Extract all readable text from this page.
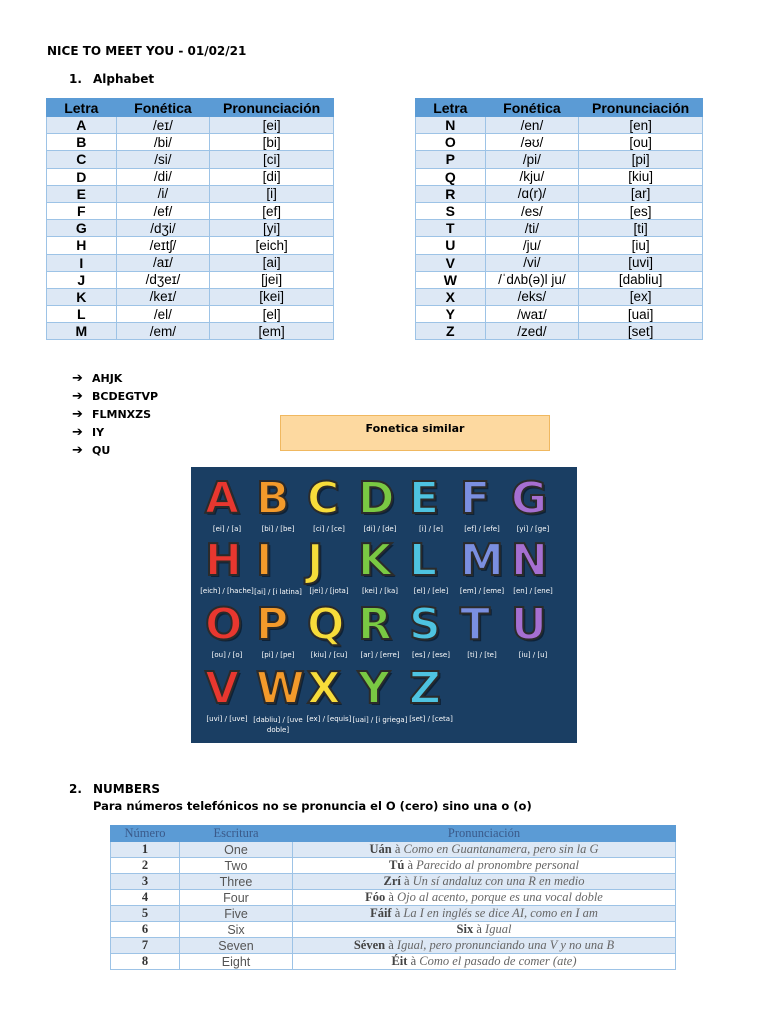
NICE TO MEET YOU - 01/02/21
1. Alphabet
Letra	Fonética	Pronunciación
A	/eɪ/	[ei]
B	/bi/	[bi]
C	/si/	[ci]
D	/di/	[di]
E	/i/	[i]
F	/ef/	[ef]
G	/dʒi/	[yi]
H	/eɪtʃ/	[eich]
I	/aɪ/	[ai]
J	/dʒeɪ/	[jei]
K	/keɪ/	[kei]
L	/el/	[el]
M	/em/	[em]
Letra	Fonética	Pronunciación
N	/en/	[en]
O	/əʊ/	[ou]
P	/pi/	[pi]
Q	/kju/	[kiu]
R	/ɑ(r)/	[ar]
S	/es/	[es]
T	/ti/	[ti]
U	/ju/	[iu]
V	/vi/	[uvi]
W	/ˈdʌb(ə)l ju/	[dabliu]
X	/eks/	[ex]
Y	/waɪ/	[uai]
Z	/zed/	[set]
➔ AHJK
➔ BCDEGTVP
➔ FLMNXZS
➔ IY
➔ QU
Fonetica similar
A
[ei] / [a]
B
[bi] / [be]
C
[ci] / [ce]
D
[di] / [de]
E
[i] / [e]
F
[ef] / [efe]
G
[yi] / [ge]
H
[eich] / [hache]
I
[ai] / [i latina]
J
[jei] / [jota]
K
[kei] / [ka]
L
[el] / [ele]
M
[em] / [eme]
N
[en] / [ene]
O
[ou] / [o]
P
[pi] / [pe]
Q
[kiu] / [cu]
R
[ar] / [erre]
S
[es] / [ese]
T
[ti] / [te]
U
[iu] / [u]
V
[uvi] / [uve]
W
[dabliu] / [uve doble]
X
[ex] / [equis]
Y
[uai] / [i griega]
Z
[set] / [ceta]
2. NUMBERS
Para números telefónicos no se pronuncia el O (cero) sino una o (o)
Número	Escritura	Pronunciación
1	One	Uán à Como en Guantanamera, pero sin la G
2	Two	Tú à Parecido al pronombre personal
3	Three	Zrí à Un sí andaluz con una R en medio
4	Four	Fóo à Ojo al acento, porque es una vocal doble
5	Five	Fáif à La I en inglés se dice AI, como en I am
6	Six	Six à Igual
7	Seven	Séven à Igual, pero pronunciando una V y no una B
8	Eight	Éit à Como el pasado de comer (ate)
